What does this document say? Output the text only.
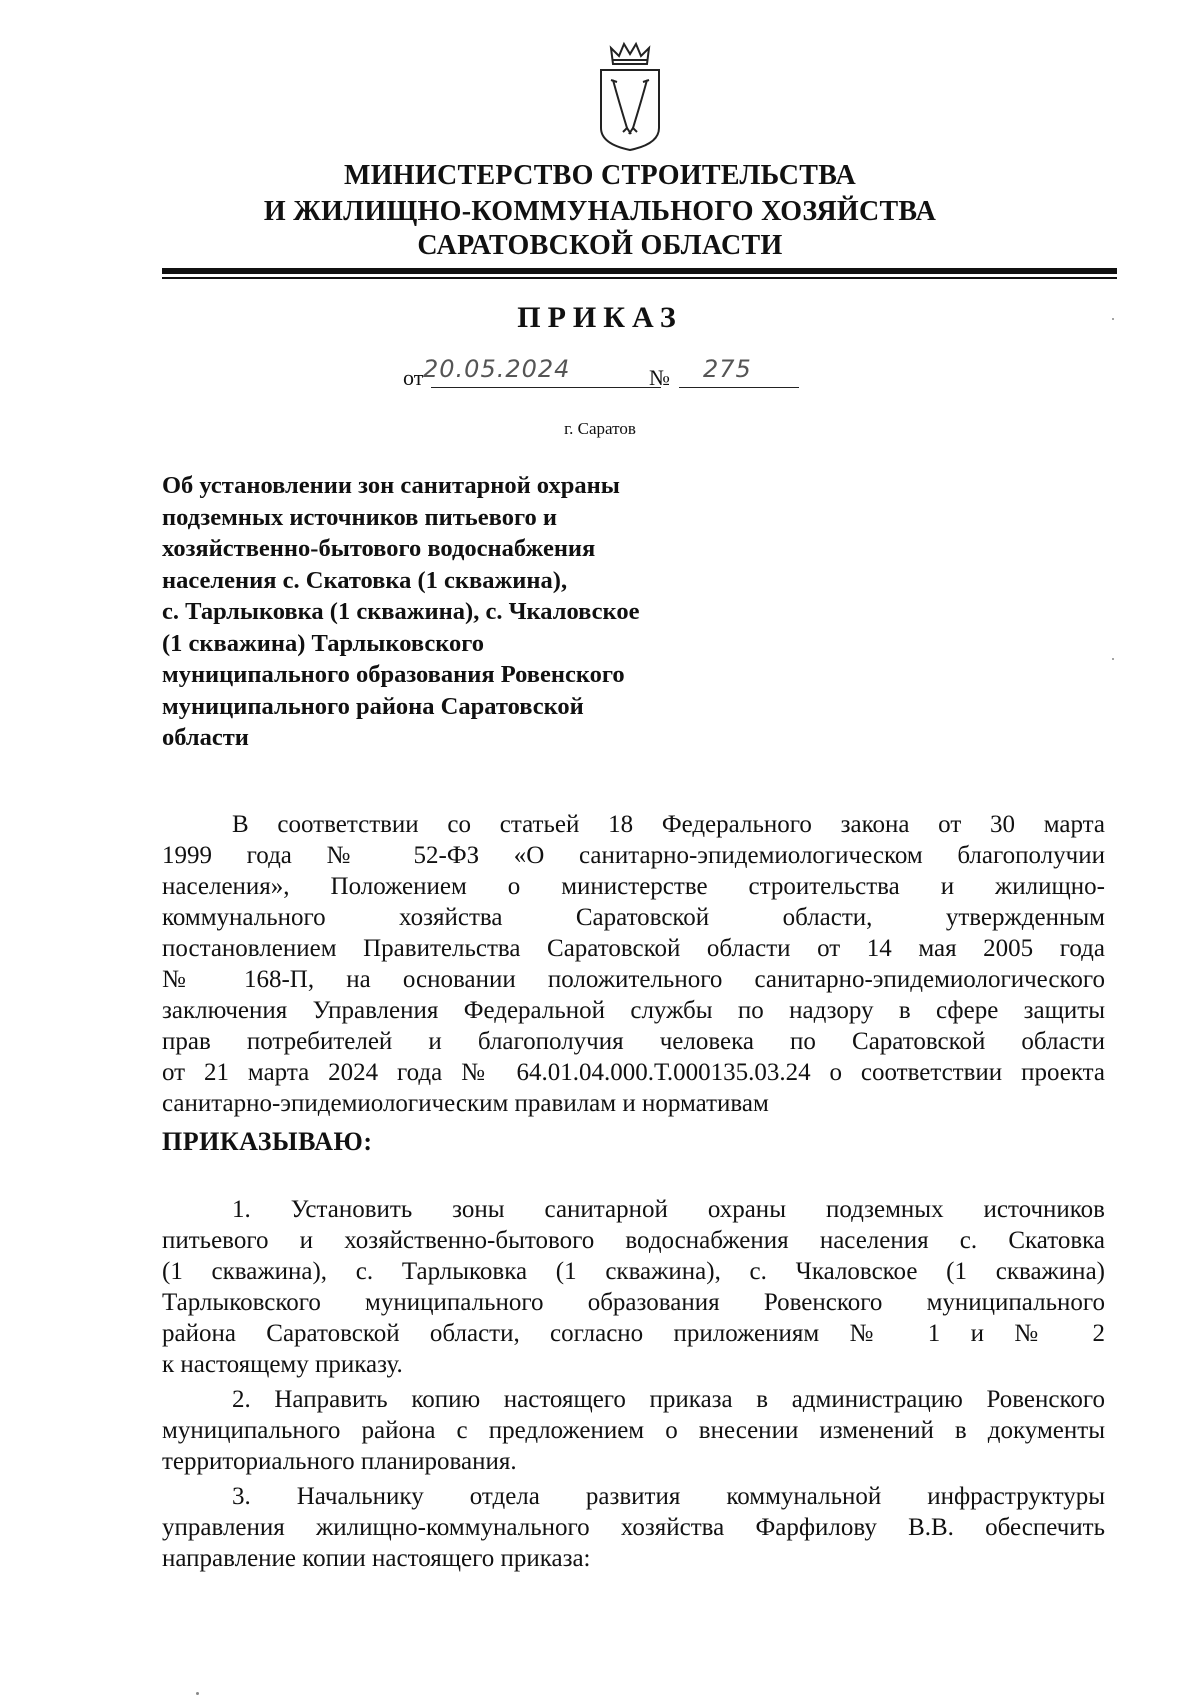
МИНИСТЕРСТВО СТРОИТЕЛЬСТВА
И ЖИЛИЩНО-КОММУНАЛЬНОГО ХОЗЯЙСТВА
САРАТОВСКОЙ ОБЛАСТИ
ПРИКАЗ
от 20.05.2024	№ 275
г. Саратов
Об установлении зон санитарной охраны
подземных источников питьевого и
хозяйственно-бытового водоснабжения
населения с. Скатовка (1 скважина),
с. Тарлыковка (1 скважина), с. Чкаловское
(1 скважина) Тарлыковского
муниципального образования Ровенского
муниципального района Саратовской
области
В соответствии со статьей 18 Федерального закона от 30 марта
1999 года № 52-ФЗ «О санитарно-эпидемиологическом благополучии
населения», Положением о министерстве строительства и жилищно-
коммунального хозяйства Саратовской области, утвержденным
постановлением Правительства Саратовской области от 14 мая 2005 года
№ 168-П, на основании положительного санитарно-эпидемиологического
заключения Управления Федеральной службы по надзору в сфере защиты
прав потребителей и благополучия человека по Саратовской области
от 21 марта 2024 года № 64.01.04.000.Т.000135.03.24 о соответствии проекта
санитарно-эпидемиологическим правилам и нормативам
ПРИКАЗЫВАЮ:
1. Установить зоны санитарной охраны подземных источников
питьевого и хозяйственно-бытового водоснабжения населения с. Скатовка
(1 скважина), с. Тарлыковка (1 скважина), с. Чкаловское (1 скважина)
Тарлыковского муниципального образования Ровенского муниципального
района Саратовской области, согласно приложениям № 1 и № 2
к настоящему приказу.
2. Направить копию настоящего приказа в администрацию Ровенского
муниципального района с предложением о внесении изменений в документы
территориального планирования.
3. Начальнику отдела развития коммунальной инфраструктуры
управления жилищно-коммунального хозяйства Фарфилову В.В. обеспечить
направление копии настоящего приказа:
